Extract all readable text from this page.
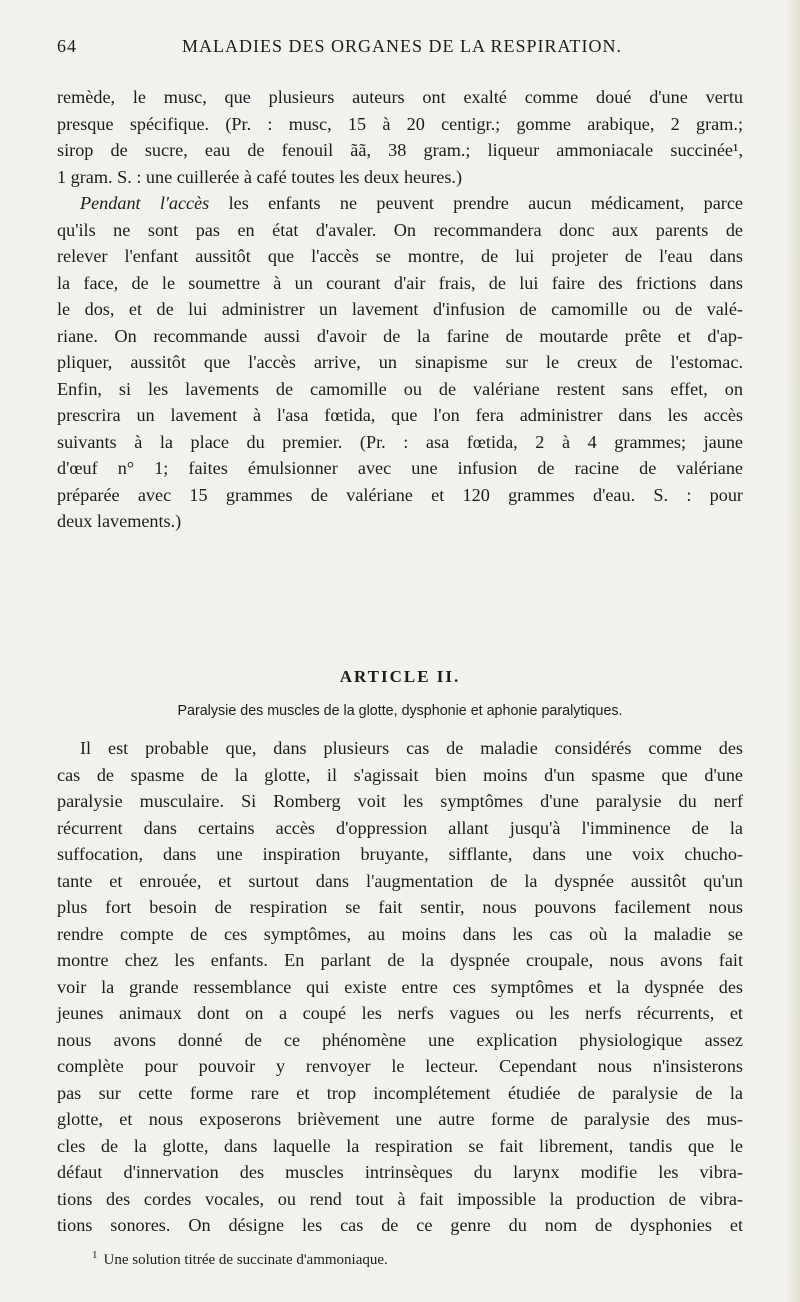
64	MALADIES DES ORGANES DE LA RESPIRATION.

remède, le musc, que plusieurs auteurs ont exalté comme doué d'une vertu

presque spécifique. (Pr. : musc, 15 à 20 centigr.; gomme arabique, 2 gram.;

sirop de sucre, eau de fenouil ãã, 38 gram.; liqueur ammoniacale succinée¹,

1 gram. S. : une cuillerée à café toutes les deux heures.)

Pendant l'accès les enfants ne peuvent prendre aucun médicament, parce

qu'ils ne sont pas en état d'avaler. On recommandera donc aux parents de

relever l'enfant aussitôt que l'accès se montre, de lui projeter de l'eau dans

la face, de le soumettre à un courant d'air frais, de lui faire des frictions dans

le dos, et de lui administrer un lavement d'infusion de camomille ou de valé-

riane. On recommande aussi d'avoir de la farine de moutarde prête et d'ap-

pliquer, aussitôt que l'accès arrive, un sinapisme sur le creux de l'estomac.

Enfin, si les lavements de camomille ou de valériane restent sans effet, on

prescrira un lavement à l'asa fœtida, que l'on fera administrer dans les accès

suivants à la place du premier. (Pr. : asa fœtida, 2 à 4 grammes; jaune

d'œuf n° 1; faites émulsionner avec une infusion de racine de valériane

préparée avec 15 grammes de valériane et 120 grammes d'eau. S. : pour

deux lavements.)

ARTICLE II.
Paralysie des muscles de la glotte, dysphonie et aphonie paralytiques.

Il est probable que, dans plusieurs cas de maladie considérés comme des

cas de spasme de la glotte, il s'agissait bien moins d'un spasme que d'une

paralysie musculaire. Si Romberg voit les symptômes d'une paralysie du nerf

récurrent dans certains accès d'oppression allant jusqu'à l'imminence de la

suffocation, dans une inspiration bruyante, sifflante, dans une voix chucho-

tante et enrouée, et surtout dans l'augmentation de la dyspnée aussitôt qu'un

plus fort besoin de respiration se fait sentir, nous pouvons facilement nous

rendre compte de ces symptômes, au moins dans les cas où la maladie se

montre chez les enfants. En parlant de la dyspnée croupale, nous avons fait

voir la grande ressemblance qui existe entre ces symptômes et la dyspnée des

jeunes animaux dont on a coupé les nerfs vagues ou les nerfs récurrents, et

nous avons donné de ce phénomène une explication physiologique assez

complète pour pouvoir y renvoyer le lecteur. Cependant nous n'insisterons

pas sur cette forme rare et trop incomplétement étudiée de paralysie de la

glotte, et nous exposerons brièvement une autre forme de paralysie des mus-

cles de la glotte, dans laquelle la respiration se fait librement, tandis que le

défaut d'innervation des muscles intrinsèques du larynx modifie les vibra-

tions des cordes vocales, ou rend tout à fait impossible la production de vibra-

tions sonores. On désigne les cas de ce genre du nom de dysphonies et

$^1$ Une solution titrée de succinate d'ammoniaque.
